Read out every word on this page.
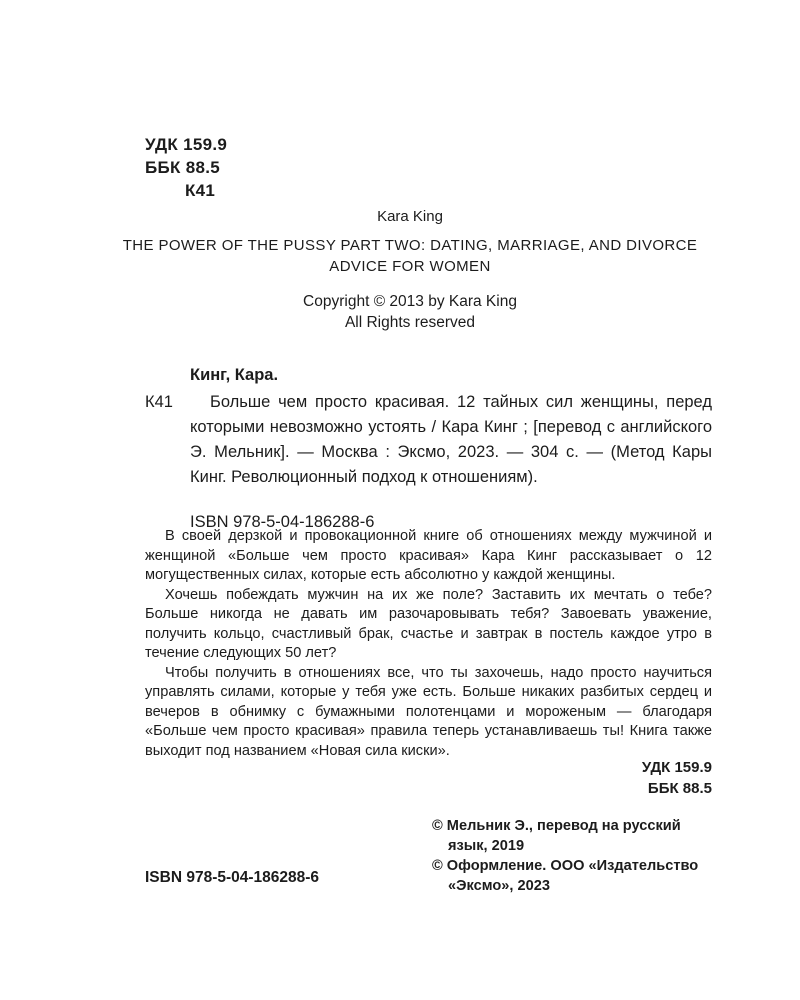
УДК 159.9
ББК 88.5
К41
Kara King
THE POWER OF THE PUSSY PART TWO: DATING, MARRIAGE, AND DIVORCE ADVICE FOR WOMEN
Copyright © 2013 by Kara King
All Rights reserved

Кинг, Кара.

К41	Больше чем просто красивая. 12 тайных сил женщины, перед которыми невозможно устоять / Кара Кинг ; [перевод с английского Э. Мельник]. — Москва : Эксмо, 2023. — 304 с. — (Метод Кары Кинг. Революционный подход к отношениям).

ISBN 978-5-04-186288-6

В своей дерзкой и провокационной книге об отношениях между мужчиной и женщиной «Больше чем просто красивая» Кара Кинг рассказывает о 12 могущественных силах, которые есть абсолютно у каждой женщины.

Хочешь побеждать мужчин на их же поле? Заставить их мечтать о тебе? Больше никогда не давать им разочаровывать тебя? Завоевать уважение, получить кольцо, счастливый брак, счастье и завтрак в постель каждое утро в течение следующих 50 лет?

Чтобы получить в отношениях все, что ты захочешь, надо просто научиться управлять силами, которые у тебя уже есть. Больше никаких разбитых сердец и вечеров в обнимку с бумажными полотенцами и мороженым — благодаря «Больше чем просто красивая» правила теперь устанавливаешь ты! Книга также выходит под названием «Новая сила киски».

УДК 159.9
ББК 88.5

© Мельник Э., перевод на русский язык, 2019

© Оформление. ООО «Издательство «Эксмо», 2023

ISBN 978-5-04-186288-6
